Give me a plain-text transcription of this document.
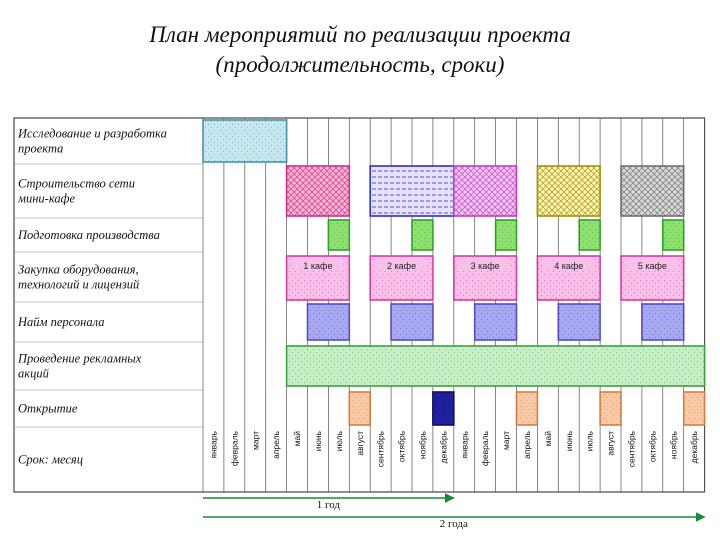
План мероприятий по реализации проекта
(продолжительность, сроки)
1 кафе	2 кафе	3 кафе	4 кафе	5 кафе
Исследование и разработка
проекта
Строительство сети
мини-кафе
Подготовка производства
Закупка оборудования,
технологий и лицензий
Найм персонала
Проведение рекламных
акций
Открытие
Срок: месяц
январь февраль март апрель май июнь июль август сентябрь октябрь ноябрь декабрь январь февраль март апрель май июнь июль август сентябрь октябрь ноябрь декабрь
1 год
2 года
